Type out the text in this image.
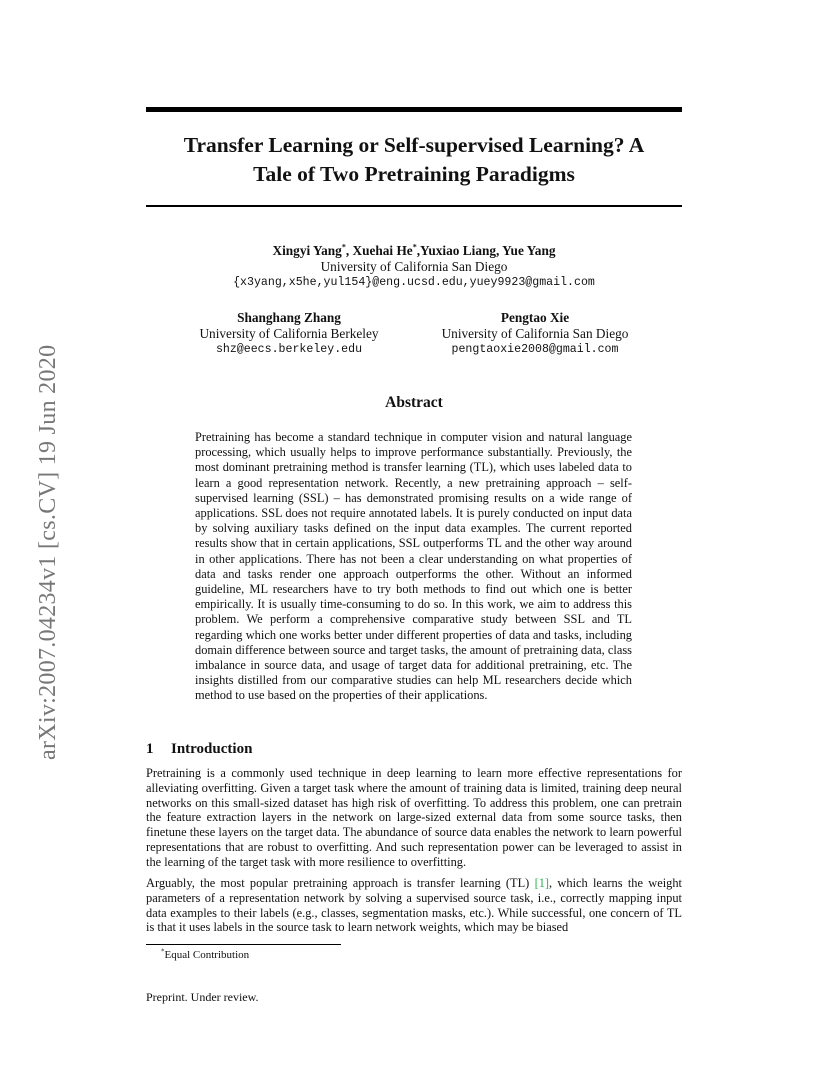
arXiv:2007.04234v1 [cs.CV] 19 Jun 2020
Transfer Learning or Self-supervised Learning? A
Tale of Two Pretraining Paradigms
Xingyi Yang*, Xuehai He*,Yuxiao Liang, Yue Yang
University of California San Diego
{x3yang,x5he,yul154}@eng.ucsd.edu,yuey9923@gmail.com
Shanghang Zhang
University of California Berkeley
shz@eecs.berkeley.edu
Pengtao Xie
University of California San Diego
pengtaoxie2008@gmail.com
Abstract
Pretraining has become a standard technique in computer vision and natural language processing, which usually helps to improve performance substantially. Previously, the most dominant pretraining method is transfer learning (TL), which uses labeled data to learn a good representation network. Recently, a new pretraining approach – self-supervised learning (SSL) – has demonstrated promising results on a wide range of applications. SSL does not require annotated labels. It is purely conducted on input data by solving auxiliary tasks defined on the input data examples. The current reported results show that in certain applications, SSL outperforms TL and the other way around in other applications. There has not been a clear understanding on what properties of data and tasks render one approach outperforms the other. Without an informed guideline, ML researchers have to try both methods to find out which one is better empirically. It is usually time-consuming to do so. In this work, we aim to address this problem. We perform a comprehensive comparative study between SSL and TL regarding which one works better under different properties of data and tasks, including domain difference between source and target tasks, the amount of pretraining data, class imbalance in source data, and usage of target data for additional pretraining, etc. The insights distilled from our comparative studies can help ML researchers decide which method to use based on the properties of their applications.
1 Introduction
Pretraining is a commonly used technique in deep learning to learn more effective representations for alleviating overfitting. Given a target task where the amount of training data is limited, training deep neural networks on this small-sized dataset has high risk of overfitting. To address this problem, one can pretrain the feature extraction layers in the network on large-sized external data from some source tasks, then finetune these layers on the target data. The abundance of source data enables the network to learn powerful representations that are robust to overfitting. And such representation power can be leveraged to assist in the learning of the target task with more resilience to overfitting.
Arguably, the most popular pretraining approach is transfer learning (TL) [1], which learns the weight parameters of a representation network by solving a supervised source task, i.e., correctly mapping input data examples to their labels (e.g., classes, segmentation masks, etc.). While successful, one concern of TL is that it uses labels in the source task to learn network weights, which may be biased
*Equal Contribution
Preprint. Under review.
